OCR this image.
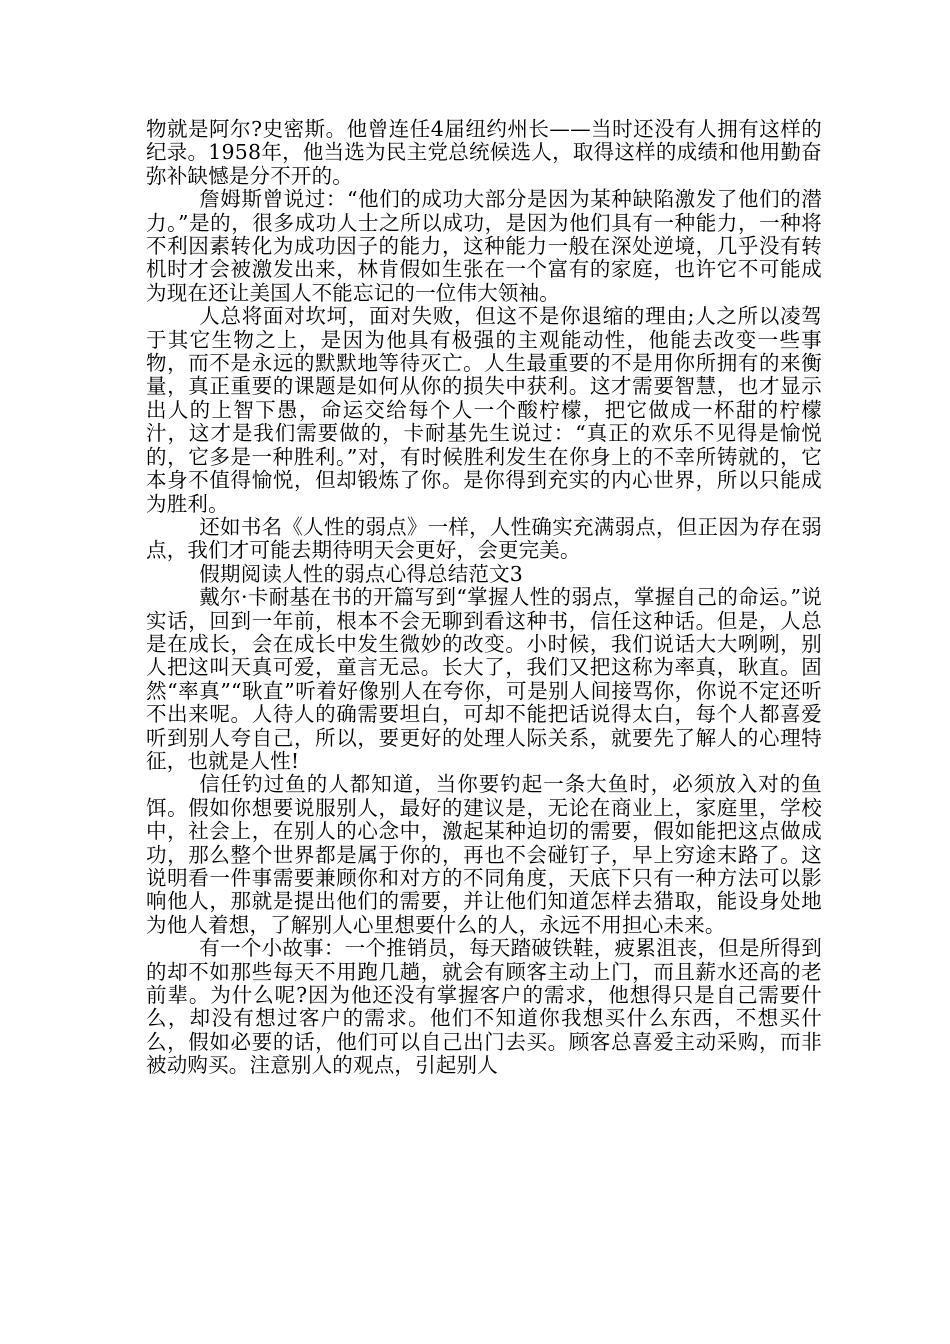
物就是阿尔?史密斯。他曾连任4届纽约州长——当时还没有人拥有这样的纪录。1958年，他当选为民主党总统候选人，取得这样的成绩和他用勤奋弥补缺憾是分不开的。

詹姆斯曾说过：“他们的成功大部分是因为某种缺陷激发了他们的潜力。”是的，很多成功人士之所以成功，是因为他们具有一种能力，一种将不利因素转化为成功因子的能力，这种能力一般在深处逆境，几乎没有转机时才会被激发出来，林肯假如生张在一个富有的家庭，也许它不可能成为现在还让美国人不能忘记的一位伟大领袖。

人总将面对坎坷，面对失败，但这不是你退缩的理由;人之所以凌驾于其它生物之上，是因为他具有极强的主观能动性，他能去改变一些事物，而不是永远的默默地等待灭亡。人生最重要的不是用你所拥有的来衡量，真正重要的课题是如何从你的损失中获利。这才需要智慧，也才显示出人的上智下愚，命运交给每个人一个酸柠檬，把它做成一杯甜的柠檬汁，这才是我们需要做的，卡耐基先生说过：“真正的欢乐不见得是愉悦的，它多是一种胜利。”对，有时候胜利发生在你身上的不幸所铸就的，它本身不值得愉悦，但却锻炼了你。是你得到充实的内心世界，所以只能成为胜利。

还如书名《人性的弱点》一样，人性确实充满弱点，但正因为存在弱点，我们才可能去期待明天会更好，会更完美。

假期阅读人性的弱点心得总结范文3

戴尔·卡耐基在书的开篇写到“掌握人性的弱点，掌握自己的命运。”说实话，回到一年前，根本不会无聊到看这种书，信任这种话。但是，人总是在成长，会在成长中发生微妙的改变。小时候，我们说话大大咧咧，别人把这叫天真可爱，童言无忌。长大了，我们又把这称为率真，耿直。固然“率真”“耿直”听着好像别人在夸你，可是别人间接骂你，你说不定还听不出来呢。人待人的确需要坦白，可却不能把话说得太白，每个人都喜爱听到别人夸自己，所以，要更好的处理人际关系，就要先了解人的心理特征，也就是人性!

信任钓过鱼的人都知道，当你要钓起一条大鱼时，必须放入对的鱼饵。假如你想要说服别人，最好的建议是，无论在商业上，家庭里，学校中，社会上，在别人的心念中，激起某种迫切的需要，假如能把这点做成功，那么整个世界都是属于你的，再也不会碰钉子，早上穷途末路了。这说明看一件事需要兼顾你和对方的不同角度，天底下只有一种方法可以影响他人，那就是提出他们的需要，并让他们知道怎样去猎取，能设身处地为他人着想，了解别人心里想要什么的人，永远不用担心未来。

有一个小故事：一个推销员，每天踏破铁鞋，疲累沮丧，但是所得到的却不如那些每天不用跑几趟，就会有顾客主动上门，而且薪水还高的老前辈。为什么呢?因为他还没有掌握客户的需求，他想得只是自己需要什么，却没有想过客户的需求。他们不知道你我想买什么东西，不想买什么，假如必要的话，他们可以自己出门去买。顾客总喜爱主动采购，而非被动购买。注意别人的观点，引起别人
